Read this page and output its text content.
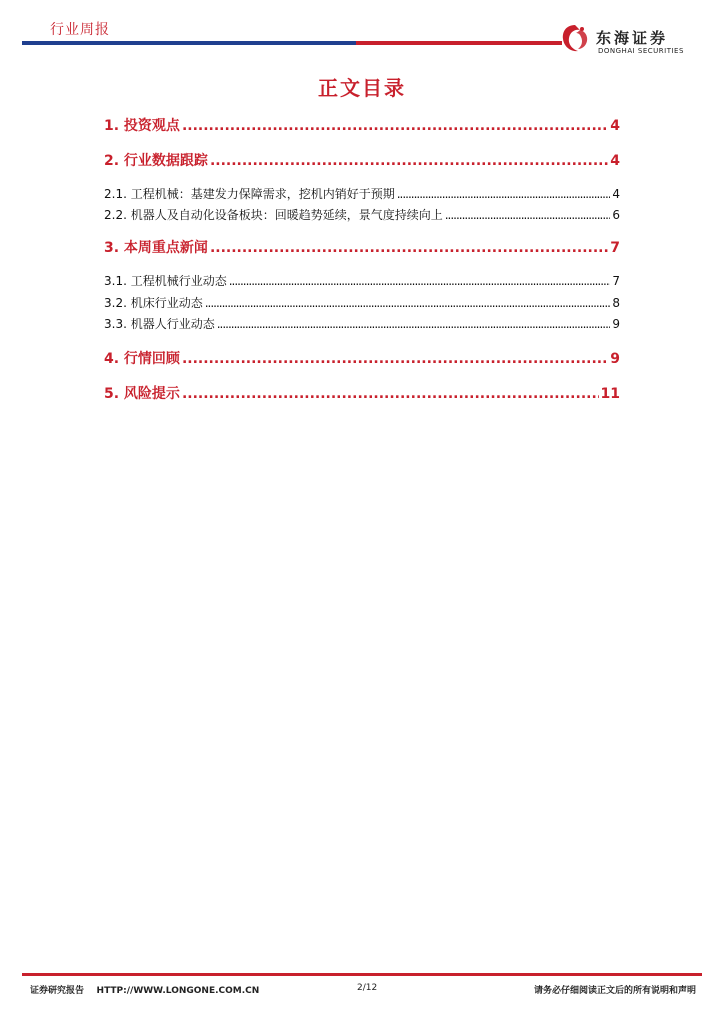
行业周报	东海证券
DONGHAI SECURITIES
正文目录
1. 投资观点 .....	4
2. 行业数据跟踪 .....	4
2.1. 工程机械：基建发力保障需求，挖机内销好于预期 .....	4
2.2. 机器人及自动化设备板块：回暖趋势延续，景气度持续向上 .....	6
3. 本周重点新闻 .....	7
3.1. 工程机械行业动态 .....	7
3.2. 机床行业动态 .....	8
3.3. 机器人行业动态 .....	9
4. 行情回顾 .....	9
5. 风险提示 .....	11
证券研究报告    HTTP://WWW.LONGONE.COM.CN	2/12	请务必仔细阅读正文后的所有说明和声明
